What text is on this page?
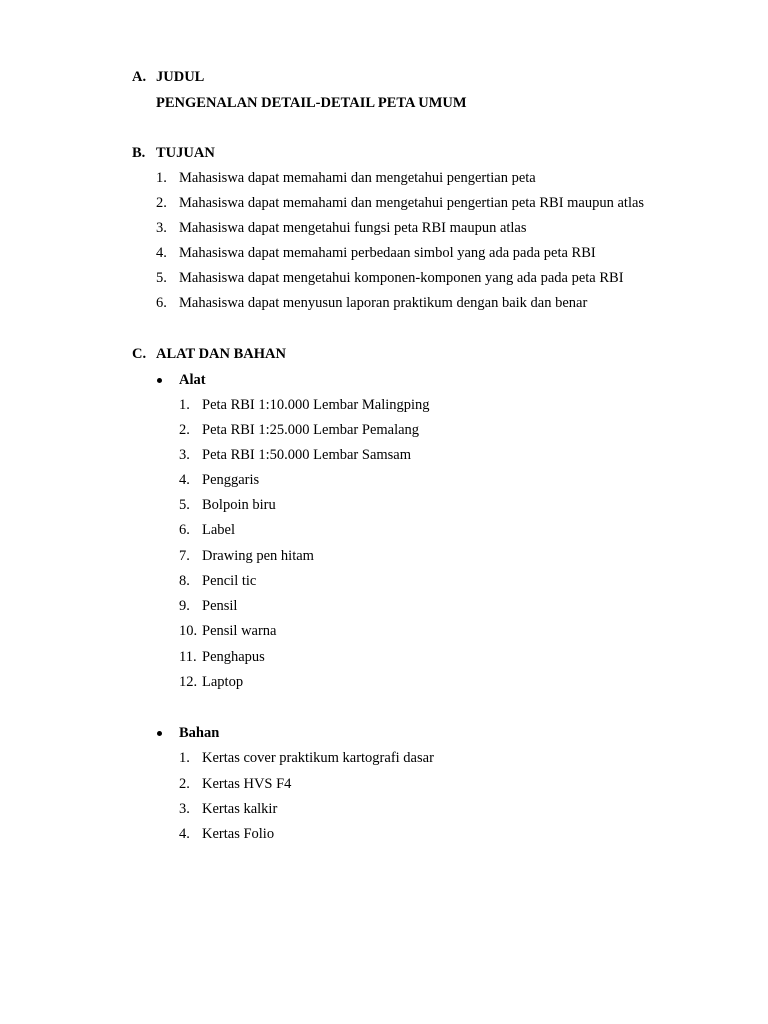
A. JUDUL
PENGENALAN DETAIL-DETAIL PETA UMUM
B. TUJUAN
1. Mahasiswa dapat memahami dan mengetahui pengertian peta
2. Mahasiswa dapat memahami dan mengetahui pengertian peta RBI maupun atlas
3. Mahasiswa dapat mengetahui fungsi peta RBI maupun atlas
4. Mahasiswa dapat memahami perbedaan simbol yang ada pada peta RBI
5. Mahasiswa dapat mengetahui komponen-komponen yang ada pada peta RBI
6. Mahasiswa dapat menyusun laporan praktikum dengan baik dan benar
C. ALAT DAN BAHAN
Alat
1. Peta RBI 1:10.000 Lembar Malingping
2. Peta RBI 1:25.000 Lembar Pemalang
3. Peta RBI 1:50.000 Lembar Samsam
4. Penggaris
5. Bolpoin biru
6. Label
7. Drawing pen hitam
8. Pencil tic
9. Pensil
10. Pensil warna
11. Penghapus
12. Laptop
Bahan
1. Kertas cover praktikum kartografi dasar
2. Kertas HVS F4
3. Kertas kalkir
4. Kertas Folio
